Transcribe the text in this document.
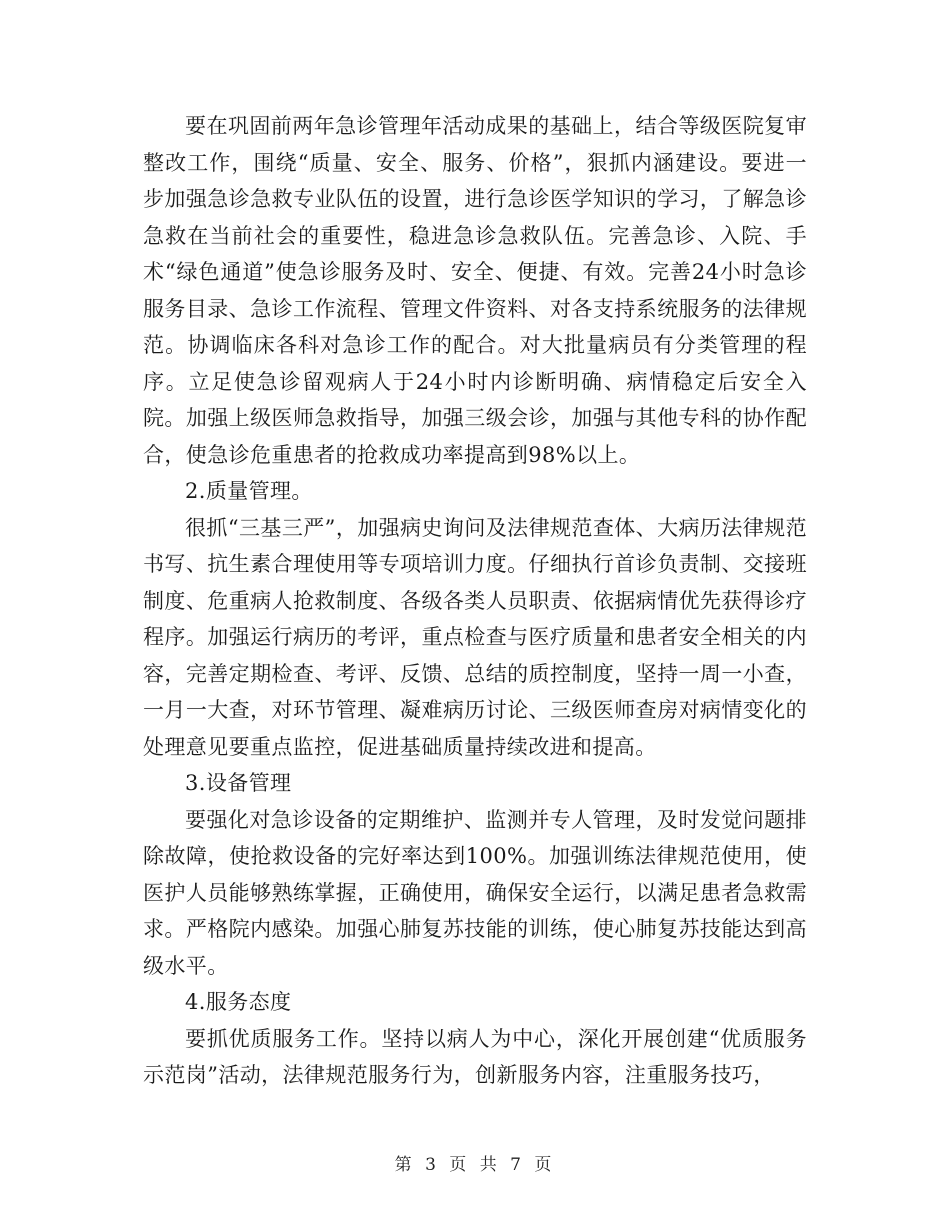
要在巩固前两年急诊管理年活动成果的基础上，结合等级医院复审整改工作，围绕“质量、安全、服务、价格”，狠抓内涵建设。要进一步加强急诊急救专业队伍的设置，进行急诊医学知识的学习，了解急诊急救在当前社会的重要性，稳进急诊急救队伍。完善急诊、入院、手术“绿色通道”使急诊服务及时、安全、便捷、有效。完善24小时急诊服务目录、急诊工作流程、管理文件资料、对各支持系统服务的法律规范。协调临床各科对急诊工作的配合。对大批量病员有分类管理的程序。立足使急诊留观病人于24小时内诊断明确、病情稳定后安全入院。加强上级医师急救指导，加强三级会诊，加强与其他专科的协作配合，使急诊危重患者的抢救成功率提高到98%以上。

2.质量管理。

很抓“三基三严”，加强病史询问及法律规范查体、大病历法律规范书写、抗生素合理使用等专项培训力度。仔细执行首诊负责制、交接班制度、危重病人抢救制度、各级各类人员职责、依据病情优先获得诊疗程序。加强运行病历的考评，重点检查与医疗质量和患者安全相关的内容，完善定期检查、考评、反馈、总结的质控制度，坚持一周一小查，一月一大查，对环节管理、凝难病历讨论、三级医师查房对病情变化的处理意见要重点监控，促进基础质量持续改进和提高。

3.设备管理

要强化对急诊设备的定期维护、监测并专人管理，及时发觉问题排除故障，使抢救设备的完好率达到100%。加强训练法律规范使用，使医护人员能够熟练掌握，正确使用，确保安全运行，以满足患者急救需求。严格院内感染。加强心肺复苏技能的训练，使心肺复苏技能达到高级水平。

4.服务态度

要抓优质服务工作。坚持以病人为中心，深化开展创建“优质服务示范岗”活动，法律规范服务行为，创新服务内容，注重服务技巧，

第 3 页 共 7 页
